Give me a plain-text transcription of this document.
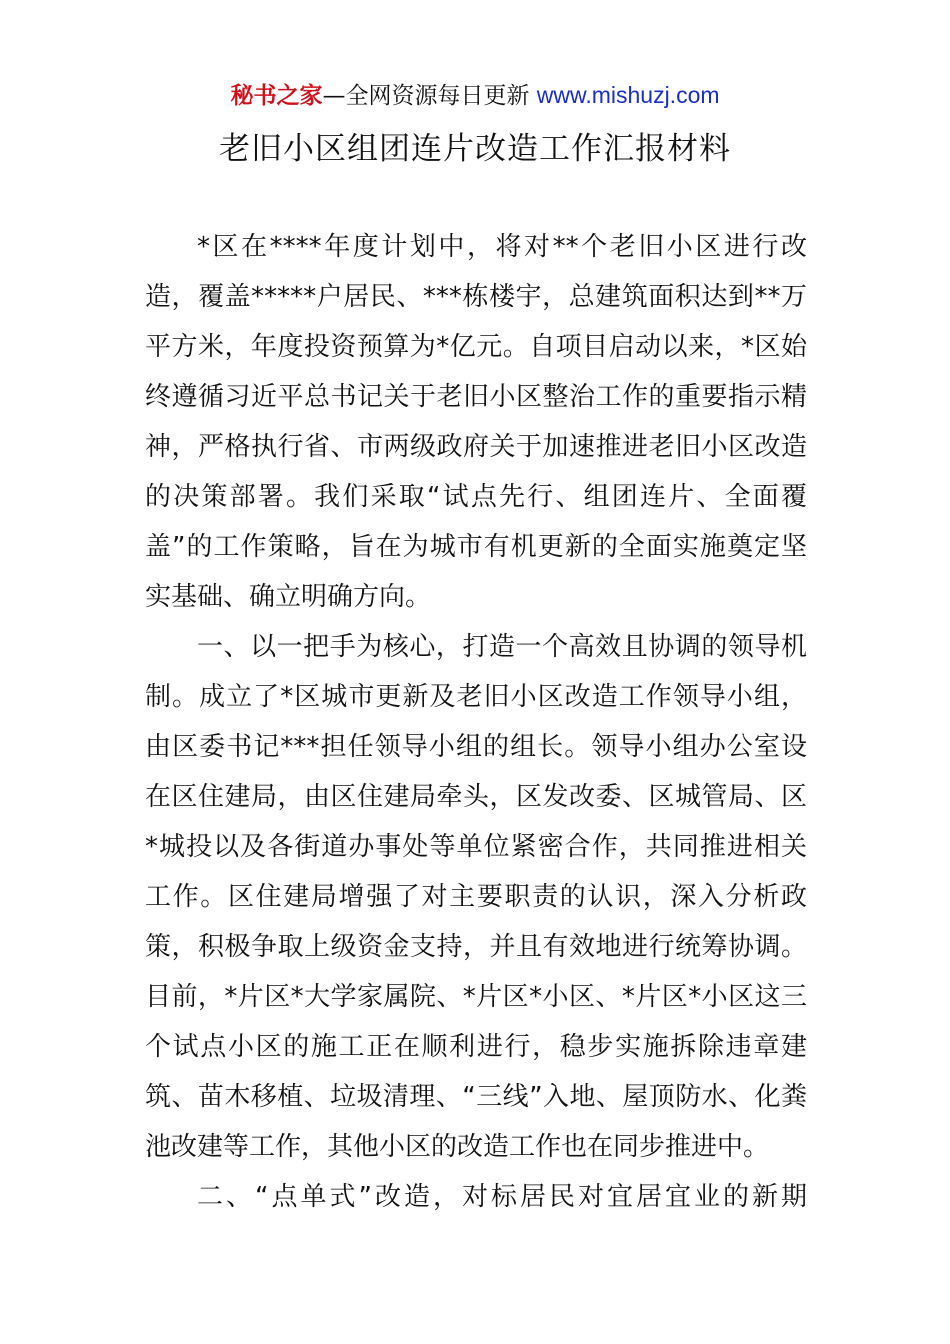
秘书之家—全网资源每日更新 www.mishuzj.com
老旧小区组团连片改造工作汇报材料

*区在****年度计划中，将对**个老旧小区进行改造，覆盖*****户居民、***栋楼宇，总建筑面积达到**万平方米，年度投资预算为*亿元。自项目启动以来，*区始终遵循习近平总书记关于老旧小区整治工作的重要指示精神，严格执行省、市两级政府关于加速推进老旧小区改造的决策部署。我们采取“试点先行、组团连片、全面覆盖”的工作策略，旨在为城市有机更新的全面实施奠定坚实基础、确立明确方向。

一、以一把手为核心，打造一个高效且协调的领导机制。成立了*区城市更新及老旧小区改造工作领导小组，由区委书记***担任领导小组的组长。领导小组办公室设在区住建局，由区住建局牵头，区发改委、区城管局、区*城投以及各街道办事处等单位紧密合作，共同推进相关工作。区住建局增强了对主要职责的认识，深入分析政策，积极争取上级资金支持，并且有效地进行统筹协调。目前，*片区*大学家属院、*片区*小区、*片区*小区这三个试点小区的施工正在顺利进行，稳步实施拆除违章建筑、苗木移植、垃圾清理、“三线”入地、屋顶防水、化粪池改建等工作，其他小区的改造工作也在同步推进中。

二、“点单式”改造，对标居民对宜居宜业的新期
